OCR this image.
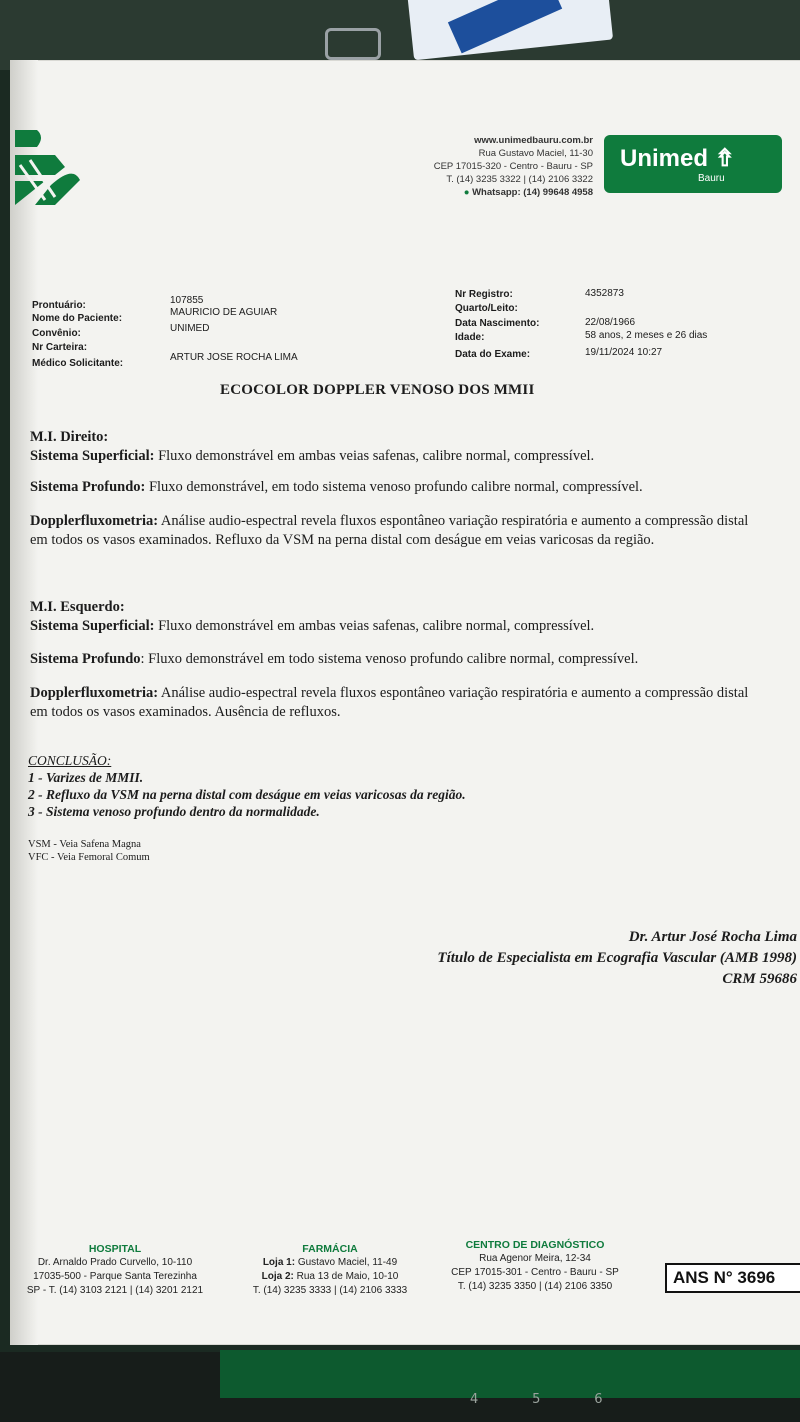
4	5	6
www.unimedbauru.com.br
Rua Gustavo Maciel, 11-30
CEP 17015-320 - Centro - Bauru - SP
T. (14) 3235 3322 | (14) 2106 3322
● Whatsapp: (14) 99648 4958
Unimed ⇮
Bauru
Prontuário:	107855
Nome do Paciente:
MAURICIO DE AGUIAR
Convênio:	UNIMED
Nr Carteira:
Médico Solicitante:
ARTUR JOSE ROCHA LIMA
Nr Registro:	4352873
Quarto/Leito:
Data Nascimento:	22/08/1966
Idade:	58 anos, 2 meses e 26 dias
Data do Exame:	19/11/2024 10:27
ECOCOLOR DOPPLER VENOSO DOS MMII
M.I. Direito:
Sistema Superficial: Fluxo demonstrável em ambas veias safenas, calibre normal, compressível.
Sistema Profundo: Fluxo demonstrável, em todo sistema venoso profundo calibre normal, compressível.
Dopplerfluxometria: Análise audio-espectral revela fluxos espontâneo variação respiratória e aumento a compressão distal em todos os vasos examinados. Refluxo da VSM na perna distal com deságue em veias varicosas da região.
M.I. Esquerdo:
Sistema Superficial: Fluxo demonstrável em ambas veias safenas, calibre normal, compressível.
Sistema Profundo: Fluxo demonstrável em todo sistema venoso profundo calibre normal, compressível.
Dopplerfluxometria: Análise audio-espectral revela fluxos espontâneo variação respiratória e aumento a compressão distal em todos os vasos examinados. Ausência de refluxos.
CONCLUSÃO:
1 - Varizes de MMII.
2 - Refluxo da VSM na perna distal com deságue em veias varicosas da região.
3 - Sistema venoso profundo dentro da normalidade.
VSM - Veia Safena Magna
VFC - Veia Femoral Comum
Dr. Artur José Rocha Lima
Título de Especialista em Ecografia Vascular (AMB 1998)
CRM 59686
HOSPITAL
Dr. Arnaldo Prado Curvello, 10-110
17035-500 - Parque Santa Terezinha
SP - T. (14) 3103 2121 | (14) 3201 2121
FARMÁCIA
Loja 1: Gustavo Maciel, 11-49
Loja 2: Rua 13 de Maio, 10-10
T. (14) 3235 3333 | (14) 2106 3333
CENTRO DE DIAGNÓSTICO
Rua Agenor Meira, 12-34
CEP 17015-301 - Centro - Bauru - SP
T. (14) 3235 3350 | (14) 2106 3350	ANS N° 3696
